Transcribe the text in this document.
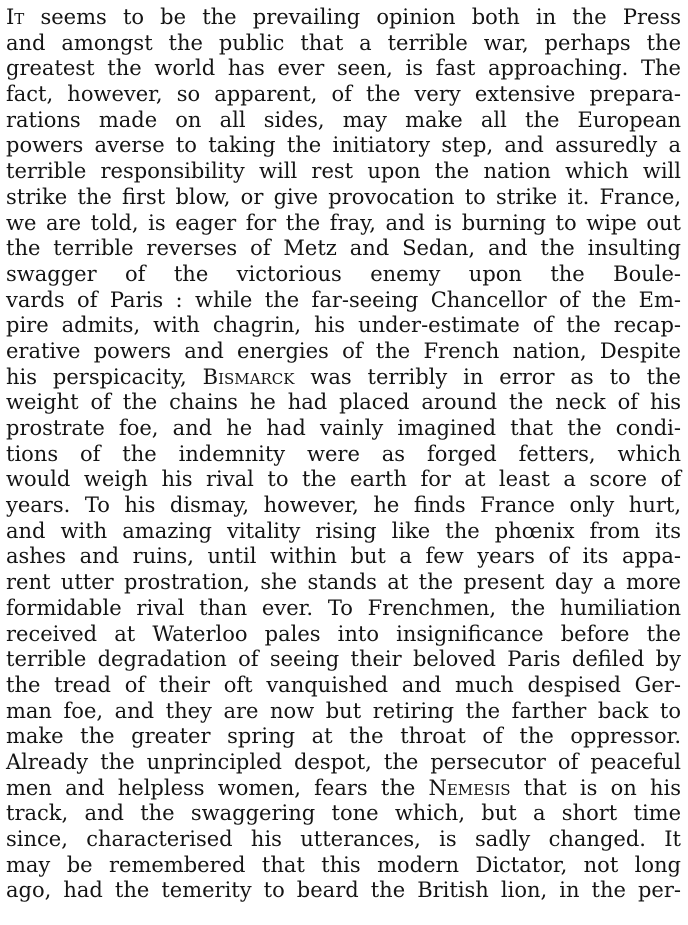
It seems to be the prevailing opinion both in the Press
and amongst the public that a terrible war, perhaps the
greatest the world has ever seen, is fast approaching. The
fact, however, so apparent, of the very extensive prepara-
rations made on all sides, may make all the European
powers averse to taking the initiatory step, and assuredly a
terrible responsibility will rest upon the nation which will
strike the first blow, or give provocation to strike it. France,
we are told, is eager for the fray, and is burning to wipe out
the terrible reverses of Metz and Sedan, and the insulting
swagger of the victorious enemy upon the Boule-
vards of Paris : while the far-seeing Chancellor of the Em-
pire admits, with chagrin, his under-estimate of the recap-
erative powers and energies of the French nation, Despite
his perspicacity, Bismarck was terribly in error as to the
weight of the chains he had placed around the neck of his
prostrate foe, and he had vainly imagined that the condi-
tions of the indemnity were as forged fetters, which
would weigh his rival to the earth for at least a score of
years. To his dismay, however, he finds France only hurt,
and with amazing vitality rising like the phœnix from its
ashes and ruins, until within but a few years of its appa-
rent utter prostration, she stands at the present day a more
formidable rival than ever. To Frenchmen, the humiliation
received at Waterloo pales into insignificance before the
terrible degradation of seeing their beloved Paris defiled by
the tread of their oft vanquished and much despised Ger-
man foe, and they are now but retiring the farther back to
make the greater spring at the throat of the oppressor.
Already the unprincipled despot, the persecutor of peaceful
men and helpless women, fears the Nemesis that is on his
track, and the swaggering tone which, but a short time
since, characterised his utterances, is sadly changed. It
may be remembered that this modern Dictator, not long
ago, had the temerity to beard the British lion, in the per-
